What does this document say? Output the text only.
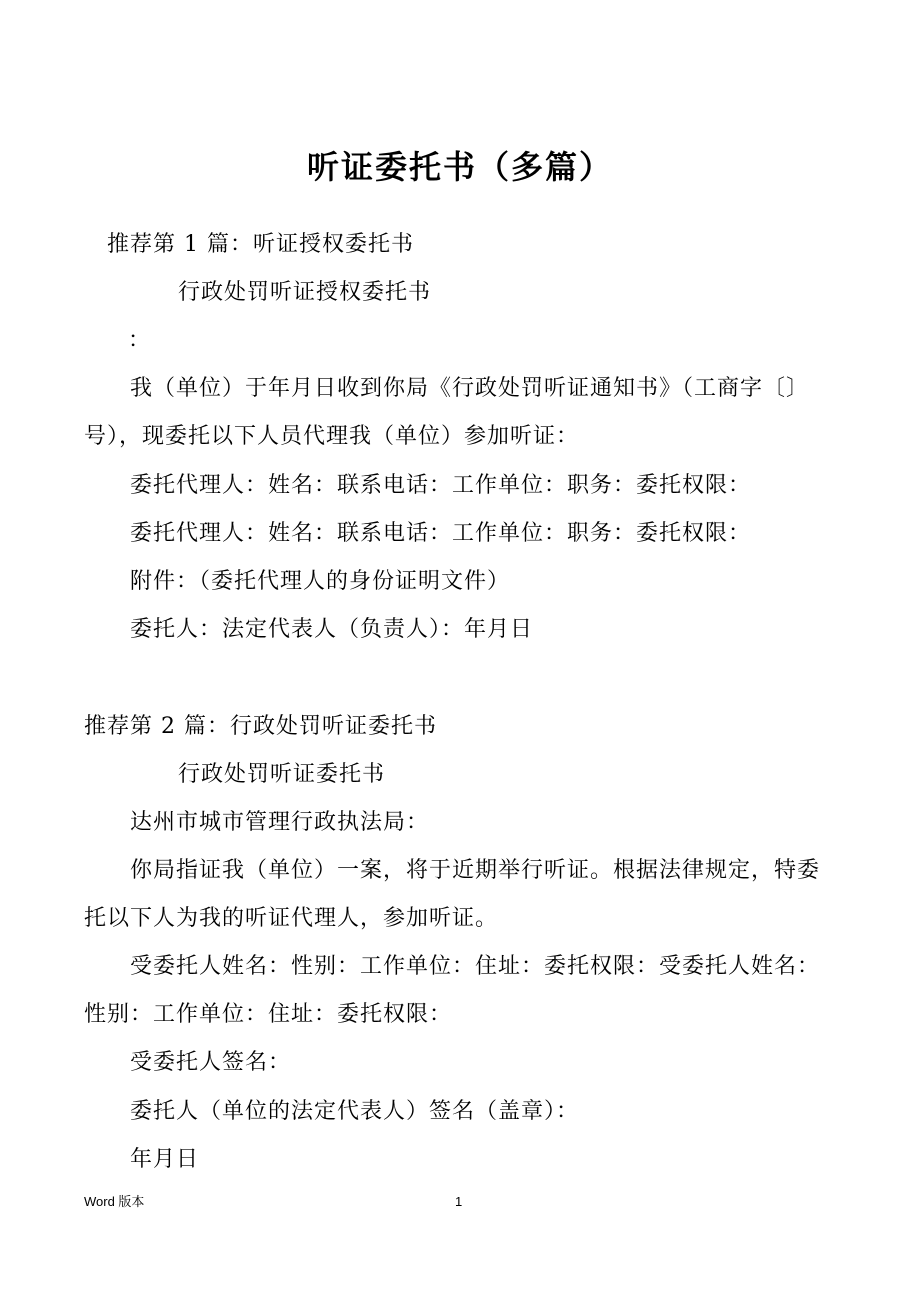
听证委托书（多篇）
推荐第 1 篇：听证授权委托书
行政处罚听证授权委托书
：
我（单位）于年月日收到你局《行政处罚听证通知书》（工商字〔〕
号），现委托以下人员代理我（单位）参加听证：
委托代理人：姓名：联系电话：工作单位：职务：委托权限：
委托代理人：姓名：联系电话：工作单位：职务：委托权限：
附件：（委托代理人的身份证明文件）
委托人：法定代表人（负责人）：年月日
推荐第 2 篇：行政处罚听证委托书
行政处罚听证委托书
达州市城市管理行政执法局：
你局指证我（单位）一案，将于近期举行听证。根据法律规定，特委
托以下人为我的听证代理人，参加听证。
受委托人姓名：性别：工作单位：住址：委托权限：受委托人姓名：
性别：工作单位：住址：委托权限：
受委托人签名：
委托人（单位的法定代表人）签名（盖章）：
年月日
Word 版本	1
